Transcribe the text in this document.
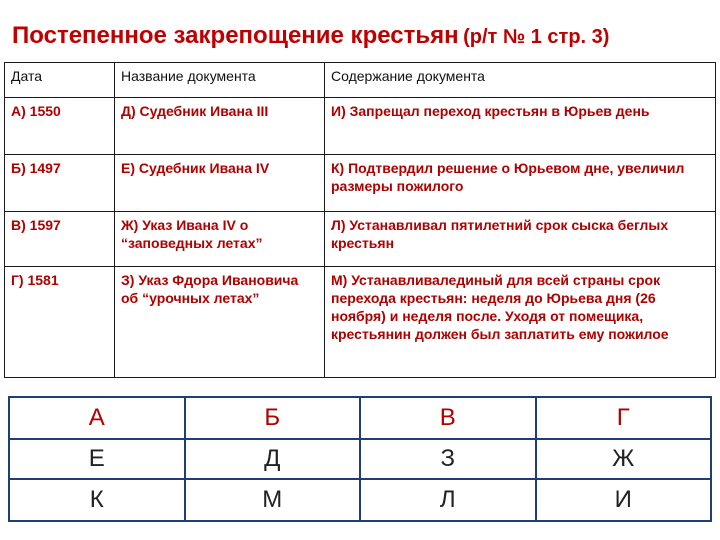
Постепенное закрепощение крестьян (р/т № 1 стр. 3)
Дата	Название документа	Содержание документа
А) 1550	Д) Судебник Ивана III	И) Запрещал переход крестьян в Юрьев день
Б) 1497	Е) Судебник Ивана IV	К) Подтвердил решение о Юрьевом дне, увеличил размеры пожилого
В) 1597	Ж) Указ Ивана IV о “заповедных летах”	Л) Устанавливал пятилетний срок сыска беглых крестьян
Г) 1581	З) Указ Фдора Ивановича об “урочных летах”	М) Устанавливалединый для всей страны срок перехода крестьян: неделя до Юрьева дня (26 ноября) и неделя после. Уходя от помещика, крестьянин должен был заплатить ему пожилое
А	Б	В	Г
Е	Д	З	Ж
К	М	Л	И
